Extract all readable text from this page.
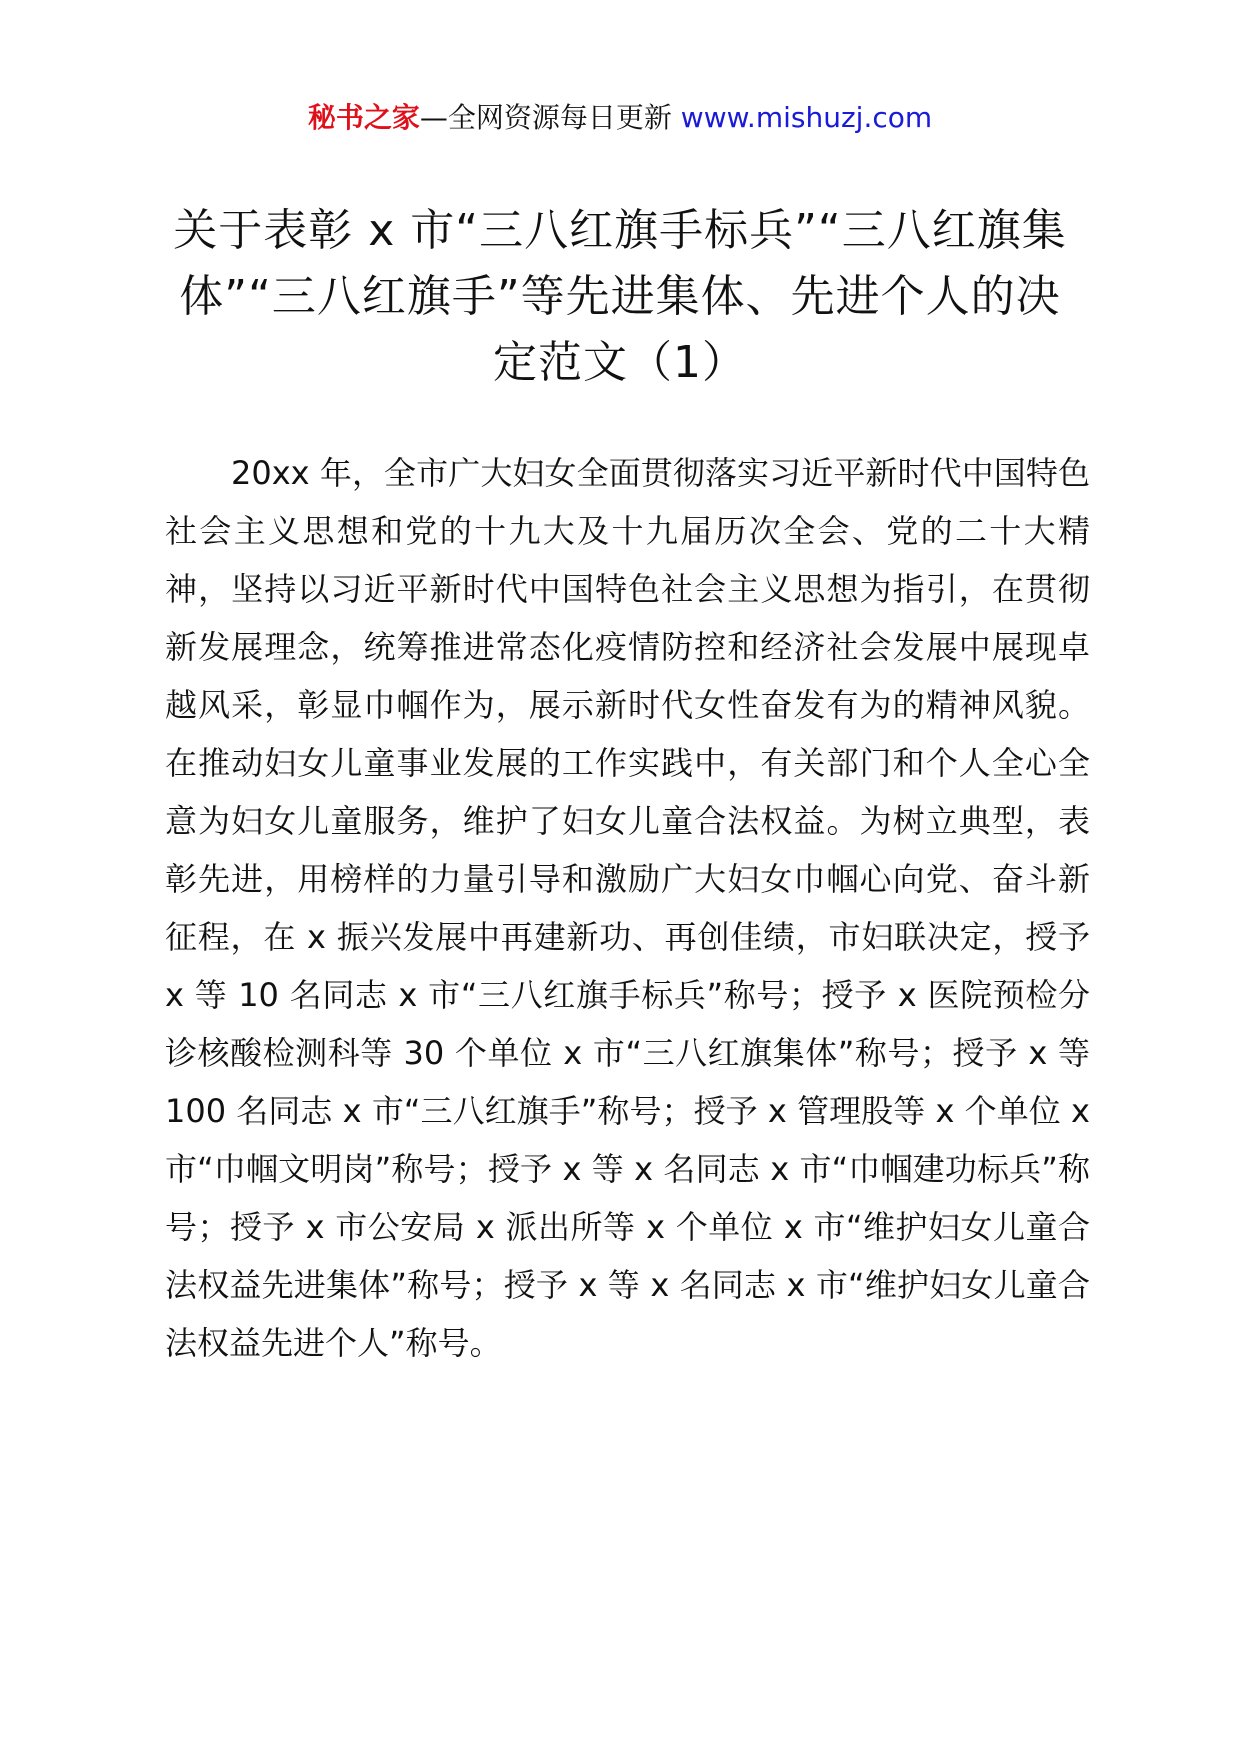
秘书之家—全网资源每日更新 www.mishuzj.com
关于表彰 x 市“三八红旗手标兵”“三八红旗集体”“三八红旗手”等先进集体、先进个人的决定范文（1）

20xx 年，全市广大妇女全面贯彻落实习近平新时代中国特色社会主义思想和党的十九大及十九届历次全会、党的二十大精神，坚持以习近平新时代中国特色社会主义思想为指引，在贯彻新发展理念，统筹推进常态化疫情防控和经济社会发展中展现卓越风采，彰显巾帼作为，展示新时代女性奋发有为的精神风貌。在推动妇女儿童事业发展的工作实践中，有关部门和个人全心全意为妇女儿童服务，维护了妇女儿童合法权益。为树立典型，表彰先进，用榜样的力量引导和激励广大妇女巾帼心向党、奋斗新征程，在 x 振兴发展中再建新功、再创佳绩，市妇联决定，授予 x 等 10 名同志 x 市“三八红旗手标兵”称号；授予 x 医院预检分诊核酸检测科等 30 个单位 x 市“三八红旗集体”称号；授予 x 等 100 名同志 x 市“三八红旗手”称号；授予 x 管理股等 x 个单位 x 市“巾帼文明岗”称号；授予 x 等 x 名同志 x 市“巾帼建功标兵”称号；授予 x 市公安局 x 派出所等 x 个单位 x 市“维护妇女儿童合法权益先进集体”称号；授予 x 等 x 名同志 x 市“维护妇女儿童合法权益先进个人”称号。
